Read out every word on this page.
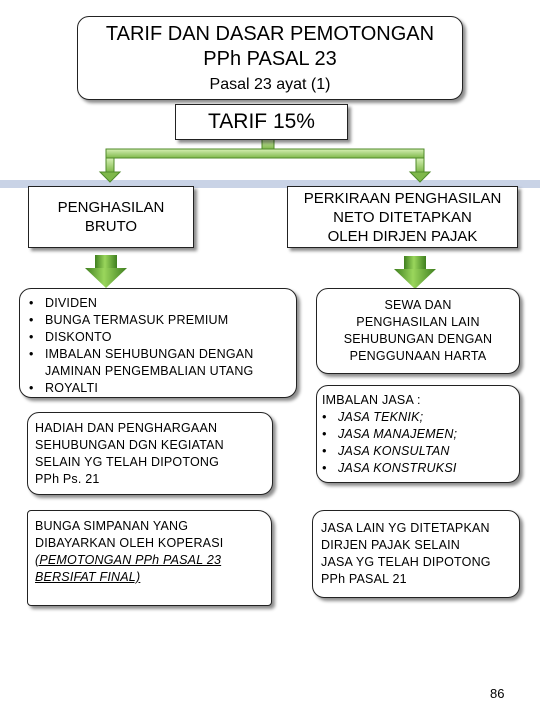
TARIF DAN DASAR PEMOTONGAN
PPh PASAL 23
Pasal 23 ayat (1)
TARIF 15%
PENGHASILAN
BRUTO
PERKIRAAN PENGHASILAN
NETO DITETAPKAN
OLEH DIRJEN PAJAK
• DIVIDEN
• BUNGA TERMASUK PREMIUM
• DISKONTO
• IMBALAN SEHUBUNGAN DENGAN JAMINAN PENGEMBALIAN UTANG
• ROYALTI
HADIAH DAN PENGHARGAAN
SEHUBUNGAN DGN KEGIATAN
SELAIN YG TELAH DIPOTONG
PPh Ps. 21
BUNGA SIMPANAN YANG
DIBAYARKAN OLEH KOPERASI
(PEMOTONGAN PPh PASAL 23
BERSIFAT FINAL)
SEWA DAN
PENGHASILAN LAIN
SEHUBUNGAN DENGAN
PENGGUNAAN HARTA
IMBALAN JASA :
• JASA TEKNIK;
• JASA MANAJEMEN;
• JASA KONSULTAN
• JASA KONSTRUKSI
JASA LAIN YG DITETAPKAN
DIRJEN PAJAK SELAIN
JASA YG TELAH DIPOTONG
PPh PASAL 21
86
